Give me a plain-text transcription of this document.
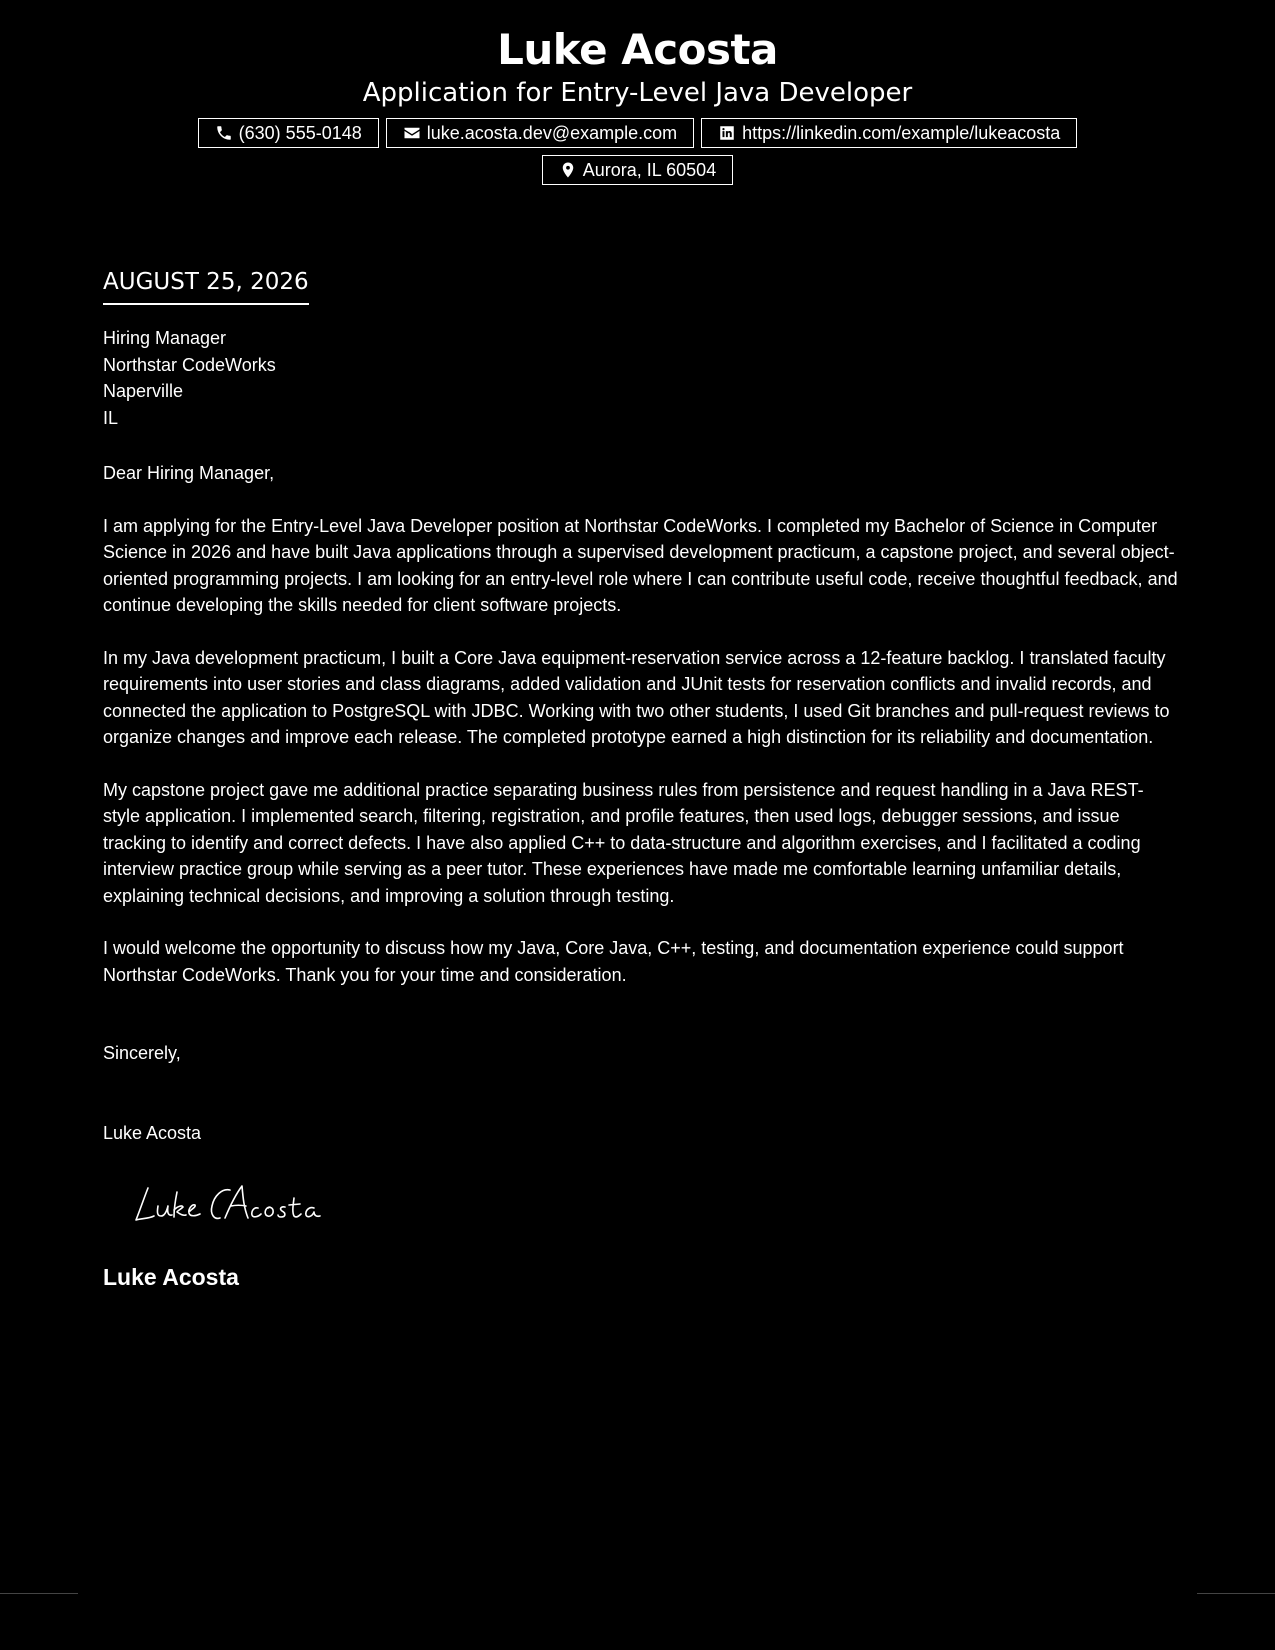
Luke Acosta
Application for Entry-Level Java Developer
(630) 555-0148	luke.acosta.dev@example.com	https://linkedin.com/example/lukeacosta
Aurora, IL 60504
AUGUST 25, 2026
Hiring Manager
Northstar CodeWorks
Naperville
IL

Dear Hiring Manager,

I am applying for the Entry-Level Java Developer position at Northstar CodeWorks. I completed my Bachelor of Science in Computer Science in 2026 and have built Java applications through a supervised development practicum, a capstone project, and several object-oriented programming projects. I am looking for an entry-level role where I can contribute useful code, receive thoughtful feedback, and continue developing the skills needed for client software projects.

In my Java development practicum, I built a Core Java equipment-reservation service across a 12-feature backlog. I translated faculty requirements into user stories and class diagrams, added validation and JUnit tests for reservation conflicts and invalid records, and connected the application to PostgreSQL with JDBC. Working with two other students, I used Git branches and pull-request reviews to organize changes and improve each release. The completed prototype earned a high distinction for its reliability and documentation.

My capstone project gave me additional practice separating business rules from persistence and request handling in a Java REST-style application. I implemented search, filtering, registration, and profile features, then used logs, debugger sessions, and issue tracking to identify and correct defects. I have also applied C++ to data-structure and algorithm exercises, and I facilitated a coding interview practice group while serving as a peer tutor. These experiences have made me comfortable learning unfamiliar details, explaining technical decisions, and improving a solution through testing.

I would welcome the opportunity to discuss how my Java, Core Java, C++, testing, and documentation experience could support Northstar CodeWorks. Thank you for your time and consideration.

Sincerely,
Luke Acosta
Luke Acosta
